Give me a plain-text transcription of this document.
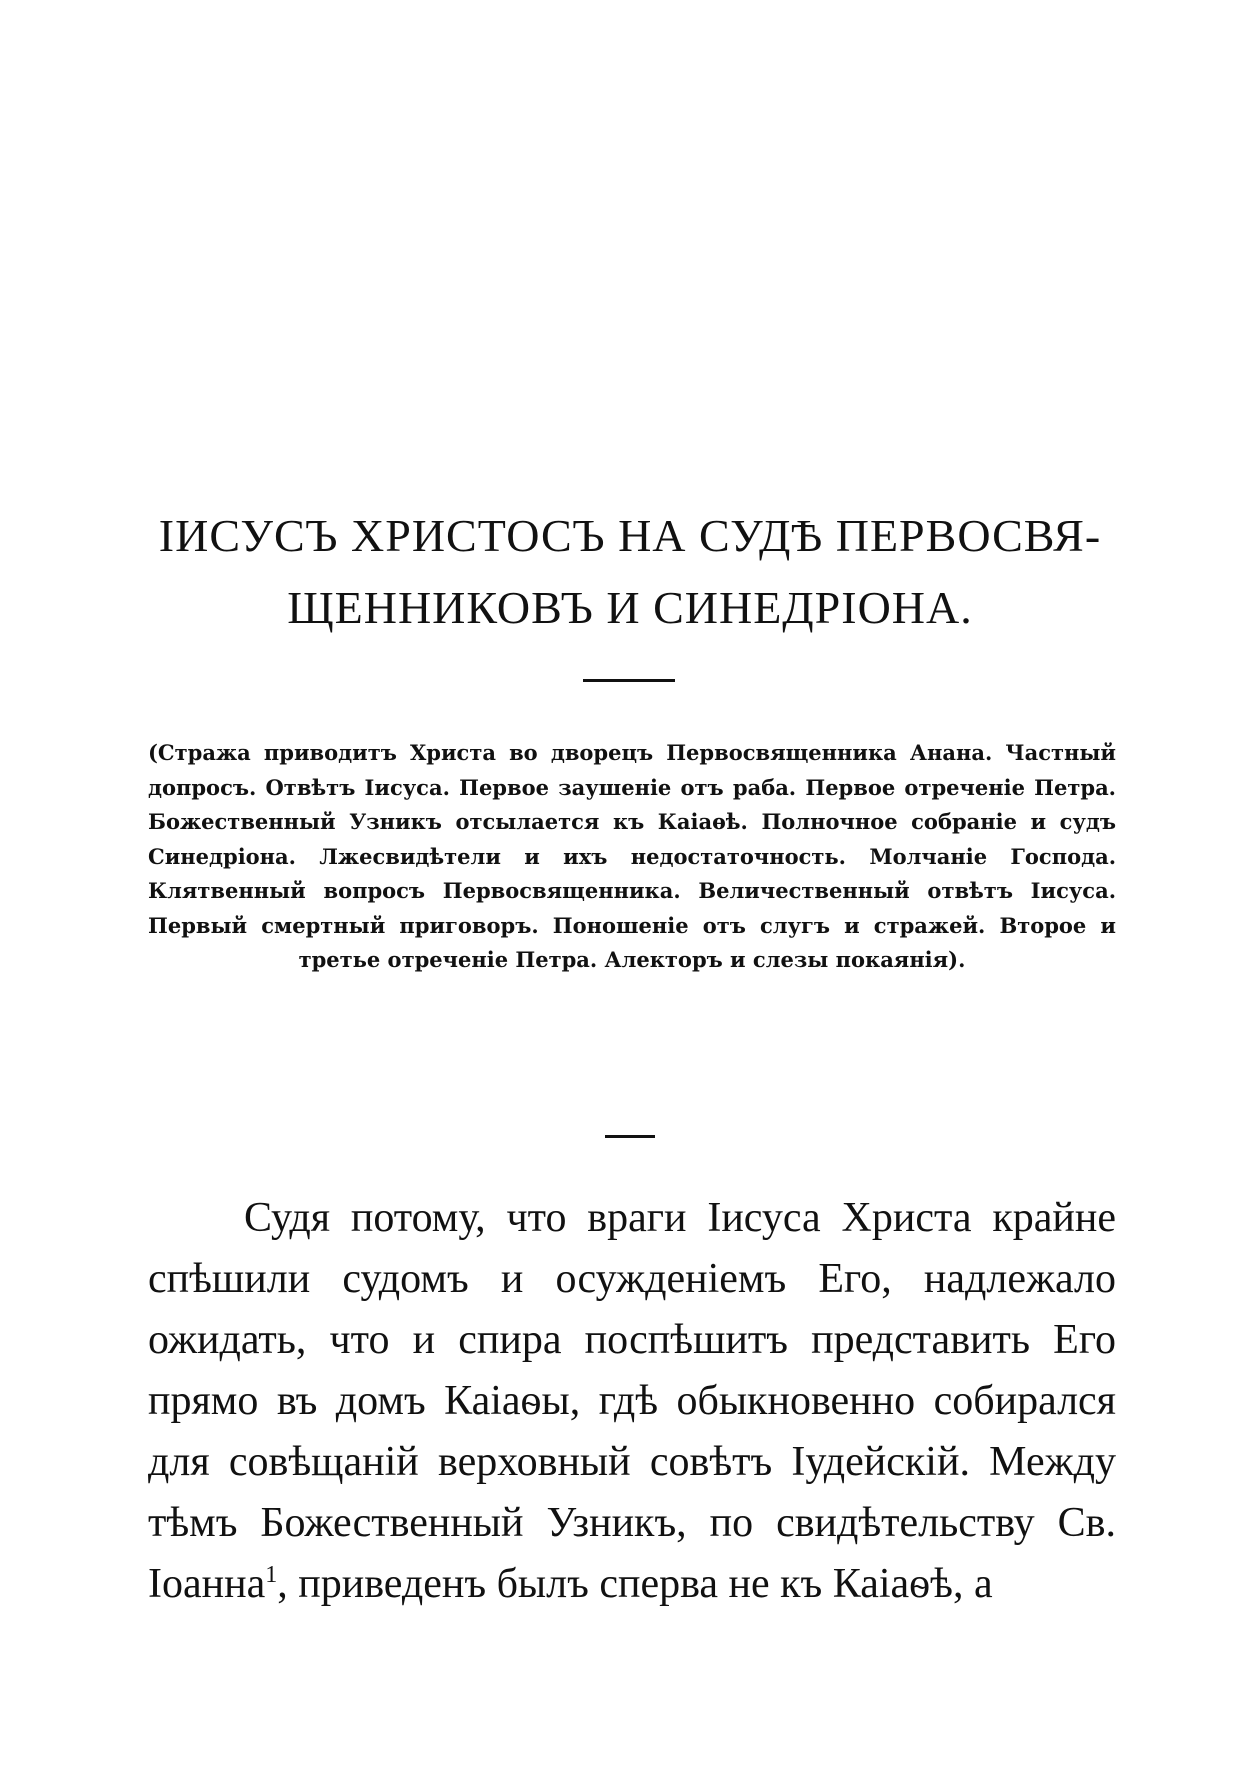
ІИСУСЪ ХРИСТОСЪ НА СУДѢ ПЕРВОСВЯ-
ЩЕННИКОВЪ И СИНЕДРІОНА.

(Стража приводитъ Христа во дворецъ Первосвященника Анана. Частный допросъ. Отвѣтъ Іисуса. Первое заушеніе отъ раба. Первое отреченіе Петра. Божественный Узникъ отсылается къ Каіаѳѣ. Полночное собраніе и судъ Синедріона. Лжесвидѣтели и ихъ недостаточность. Молчаніе Господа. Клятвенный вопросъ Первосвященника. Величественный отвѣтъ Іисуса. Первый смертный приговоръ. Поношеніе отъ слугъ и стражей. Второе и третье отреченіе Петра. Алекторъ и слезы покаянія).

Судя потому, что враги Іисуса Христа крайне спѣшили судомъ и осужденіемъ Его, надлежало ожидать, что и спира поспѣшитъ представить Его прямо въ домъ Каіаѳы, гдѣ обыкновенно собирался для совѣщаній верховный совѣтъ Іудейскій. Между тѣмъ Божественный Узникъ, по свидѣтельству Св. Іоанна$^1$, приведенъ былъ сперва не къ Каіаѳѣ, а
